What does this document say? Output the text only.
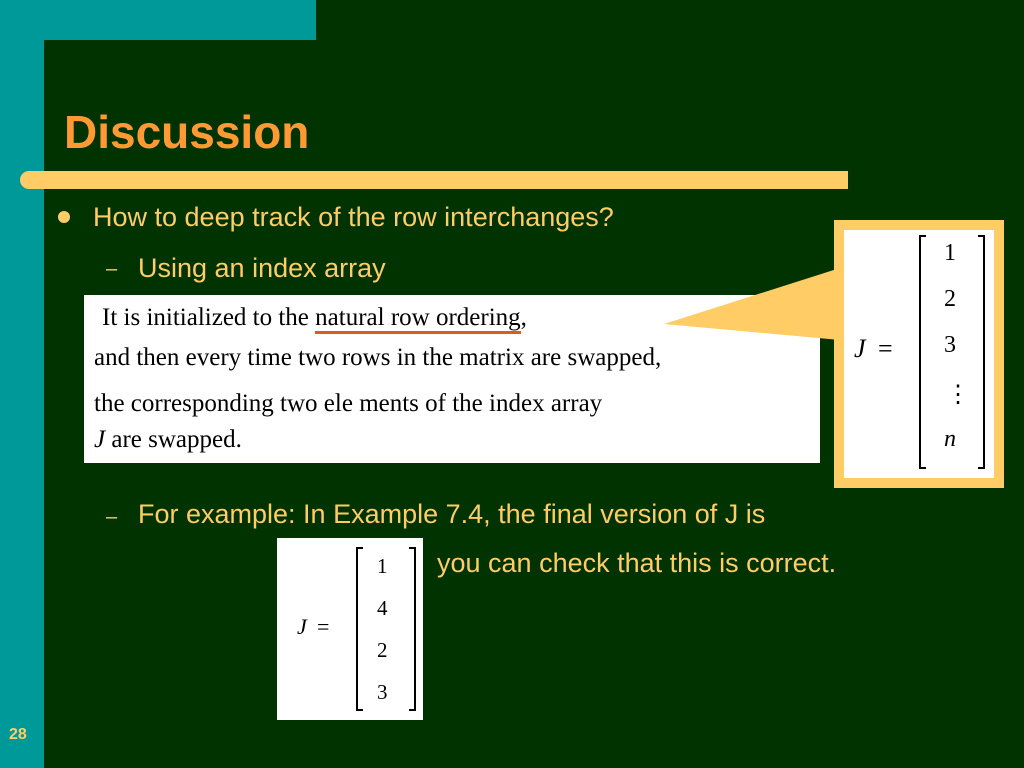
Discussion
How to deep track of the row interchanges?
– Using an index array
It is initialized to the natural row ordering,
and then every time two rows in the matrix are swapped,
the corresponding two ele ments of the index array
J are swapped.
J =
1
2
3
⋮
n
– For example: In Example 7.4, the final version of J is
you can check that this is correct.
J =
1
4
2
3
28
